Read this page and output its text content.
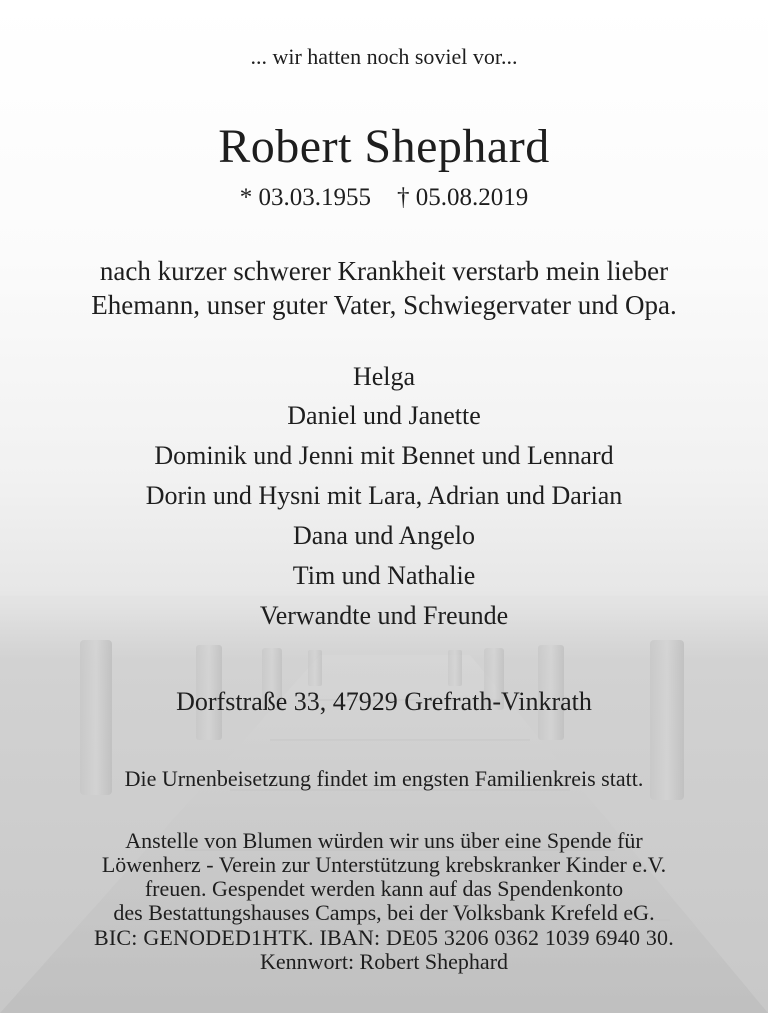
... wir hatten noch soviel vor...
Robert Shephard
* 03.03.1955 † 05.08.2019
nach kurzer schwerer Krankheit verstarb mein lieber
Ehemann, unser guter Vater, Schwiegervater und Opa.
Helga
Daniel und Janette
Dominik und Jenni mit Bennet und Lennard
Dorin und Hysni mit Lara, Adrian und Darian
Dana und Angelo
Tim und Nathalie
Verwandte und Freunde
Dorfstraße 33, 47929 Grefrath-Vinkrath
Die Urnenbeisetzung findet im engsten Familienkreis statt.
Anstelle von Blumen würden wir uns über eine Spende für
Löwenherz - Verein zur Unterstützung krebskranker Kinder e.V.
freuen. Gespendet werden kann auf das Spendenkonto
des Bestattungshauses Camps, bei der Volksbank Krefeld eG.
BIC: GENODED1HTK. IBAN: DE05 3206 0362 1039 6940 30.
Kennwort: Robert Shephard
